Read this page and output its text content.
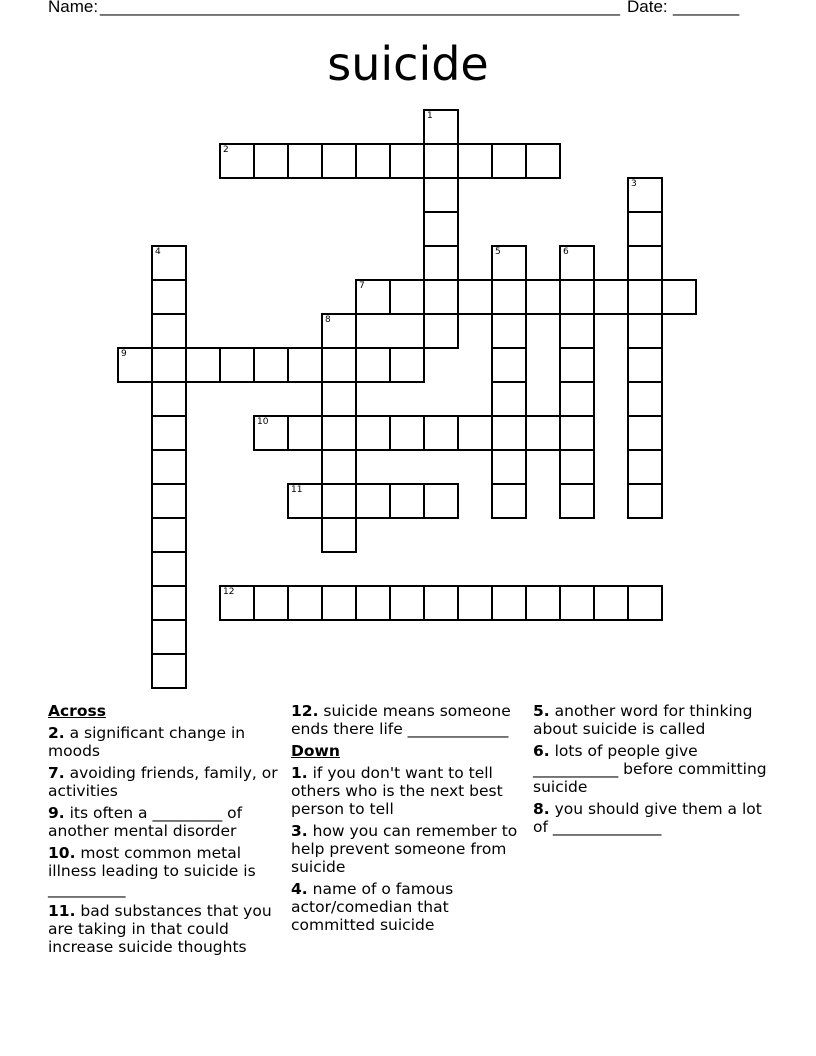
Name: _______________________________________________________ Date: _______
suicide
1
2
3
4	5	6
7
8
9
10
11
12
Across
2. a significant change in moods
7. avoiding friends, family, or activities
9. its often a _________ of another mental disorder
10. most common metal illness leading to suicide is __________
11. bad substances that you are taking in that could increase suicide thoughts
12. suicide means someone ends there life _____________
Down
1. if you don't want to tell others who is the next best person to tell
3. how you can remember to help prevent someone from suicide
4. name of o famous actor/comedian that committed suicide
5. another word for thinking about suicide is called
6. lots of people give ___________ before committing suicide
8. you should give them a lot of ______________
